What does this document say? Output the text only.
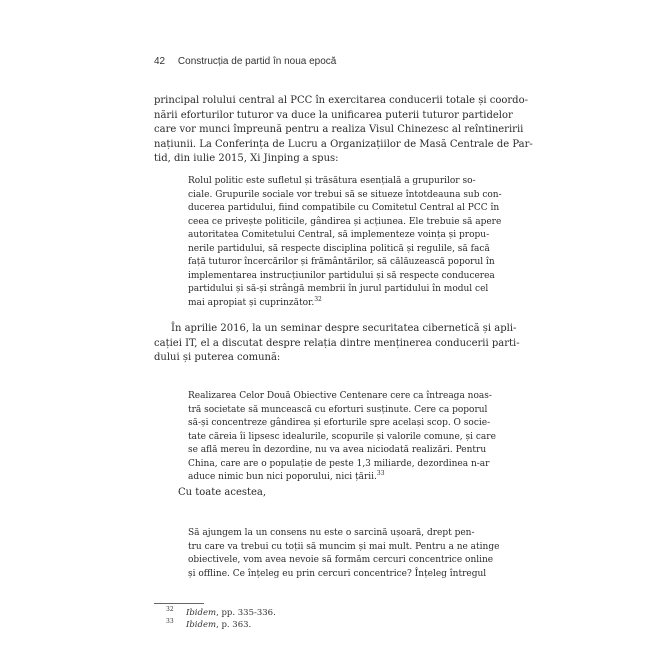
42 Construcția de partid în noua epocă
principal rolului central al PCC în exercitarea conducerii totale și coordo-
nării eforturilor tuturor va duce la unificarea puterii tuturor partidelor
care vor munci împreună pentru a realiza Visul Chinezesc al reîntineririi
națiunii. La Conferința de Lucru a Organizațiilor de Masă Centrale de Par-
tid, din iulie 2015, Xi Jinping a spus:
Rolul politic este sufletul și trăsătura esențială a grupurilor so-
ciale. Grupurile sociale vor trebui să se situeze întotdeauna sub con-
ducerea partidului, fiind compatibile cu Comitetul Central al PCC în
ceea ce privește politicile, gândirea și acțiunea. Ele trebuie să apere
autoritatea Comitetului Central, să implementeze voința și propu-
nerile partidului, să respecte disciplina politică și regulile, să facă
față tuturor încercărilor și frământărilor, să călăuzească poporul în
implementarea instrucțiunilor partidului și să respecte conducerea
partidului și să-și strângă membrii în jurul partidului în modul cel
mai apropiat și cuprinzător.$^{32}$
În aprilie 2016, la un seminar despre securitatea cibernetică și apli-
cației IT, el a discutat despre relația dintre menținerea conducerii parti-
dului și puterea comună:
Realizarea Celor Două Obiective Centenare cere ca întreaga noas-
tră societate să muncească cu eforturi susținute. Cere ca poporul
să-și concentreze gândirea și eforturile spre același scop. O socie-
tate căreia îi lipsesc idealurile, scopurile și valorile comune, și care
se află mereu în dezordine, nu va avea niciodată realizări. Pentru
China, care are o populație de peste 1,3 miliarde, dezordinea n-ar
aduce nimic bun nici poporului, nici țării.$^{33}$
Cu toate acestea,
Să ajungem la un consens nu este o sarcină ușoară, drept pen-
tru care va trebui cu toții să muncim și mai mult. Pentru a ne atinge
obiectivele, vom avea nevoie să formăm cercuri concentrice online
și offline. Ce înțeleg eu prin cercuri concentrice? Înțeleg întregul
32 Ibidem, pp. 335-336.
33 Ibidem, p. 363.
